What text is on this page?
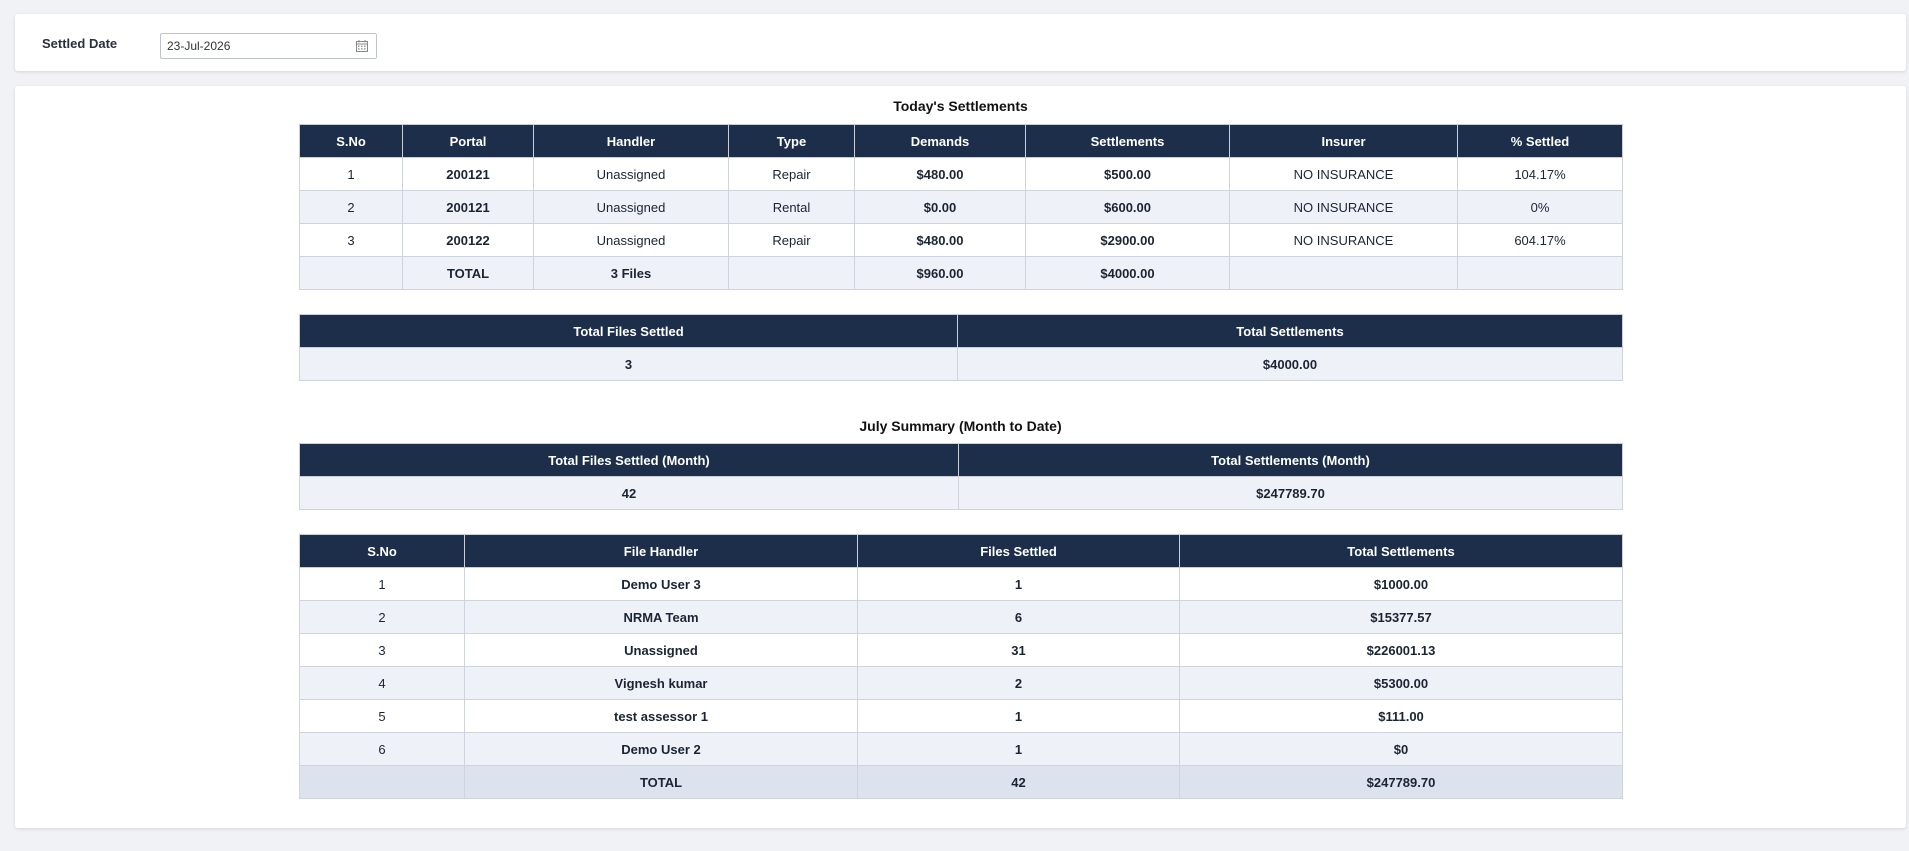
Settled Date
23-Jul-2026
Today's Settlements
S.No	Portal	Handler	Type	Demands	Settlements	Insurer	% Settled
1	200121	Unassigned	Repair	$480.00	$500.00	NO INSURANCE	104.17%
2	200121	Unassigned	Rental	$0.00	$600.00	NO INSURANCE	0%
3	200122	Unassigned	Repair	$480.00	$2900.00	NO INSURANCE	604.17%
	TOTAL	3 Files		$960.00	$4000.00		
Total Files Settled	Total Settlements
3	$4000.00
July Summary (Month to Date)
Total Files Settled (Month)	Total Settlements (Month)
42	$247789.70
S.No	File Handler	Files Settled	Total Settlements
1	Demo User 3	1	$1000.00
2	NRMA Team	6	$15377.57
3	Unassigned	31	$226001.13
4	Vignesh kumar	2	$5300.00
5	test assessor 1	1	$111.00
6	Demo User 2	1	$0
	TOTAL	42	$247789.70
